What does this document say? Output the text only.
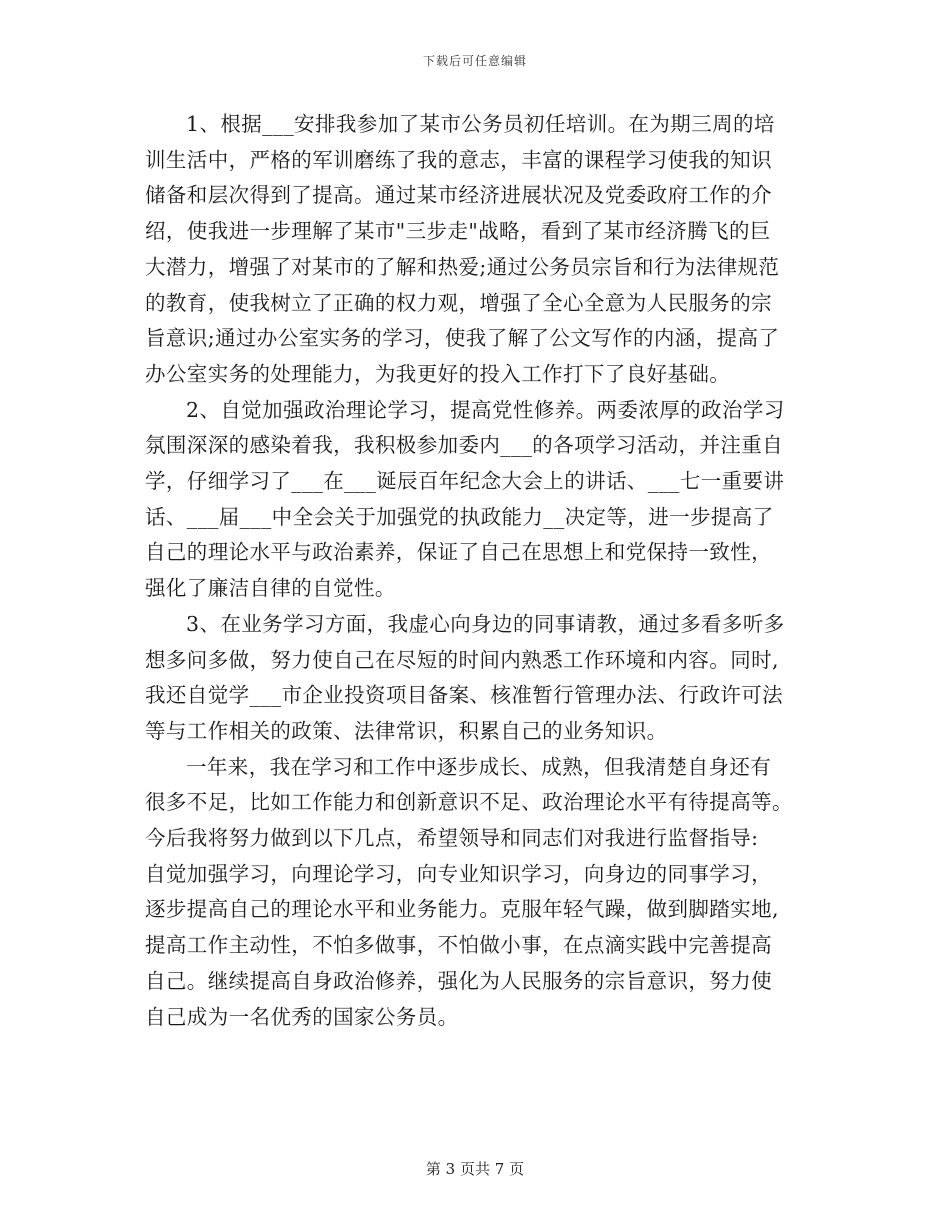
下载后可任意编辑

1、根据___安排我参加了某市公务员初任培训。在为期三周的培
训生活中，严格的军训磨练了我的意志，丰富的课程学习使我的知识
储备和层次得到了提高。通过某市经济进展状况及党委政府工作的介
绍，使我进一步理解了某市"三步走"战略，看到了某市经济腾飞的巨
大潜力，增强了对某市的了解和热爱;通过公务员宗旨和行为法律规范
的教育，使我树立了正确的权力观，增强了全心全意为人民服务的宗
旨意识;通过办公室实务的学习，使我了解了公文写作的内涵，提高了
办公室实务的处理能力，为我更好的投入工作打下了良好基础。

2、自觉加强政治理论学习，提高党性修养。两委浓厚的政治学习
氛围深深的感染着我，我积极参加委内___的各项学习活动，并注重自
学，仔细学习了___在___诞辰百年纪念大会上的讲话、___七一重要讲
话、___届___中全会关于加强党的执政能力__决定等，进一步提高了
自己的理论水平与政治素养，保证了自己在思想上和党保持一致性，
强化了廉洁自律的自觉性。

3、在业务学习方面，我虚心向身边的同事请教，通过多看多听多
想多问多做，努力使自己在尽短的时间内熟悉工作环境和内容。同时,
我还自觉学___市企业投资项目备案、核准暂行管理办法、行政许可法
等与工作相关的政策、法律常识，积累自己的业务知识。

一年来，我在学习和工作中逐步成长、成熟，但我清楚自身还有
很多不足，比如工作能力和创新意识不足、政治理论水平有待提高等。
今后我将努力做到以下几点，希望领导和同志们对我进行监督指导:
自觉加强学习，向理论学习，向专业知识学习，向身边的同事学习，
逐步提高自己的理论水平和业务能力。克服年轻气躁，做到脚踏实地,
提高工作主动性，不怕多做事，不怕做小事，在点滴实践中完善提高
自己。继续提高自身政治修养，强化为人民服务的宗旨意识，努力使
自己成为一名优秀的国家公务员。

第 3 页共 7 页
